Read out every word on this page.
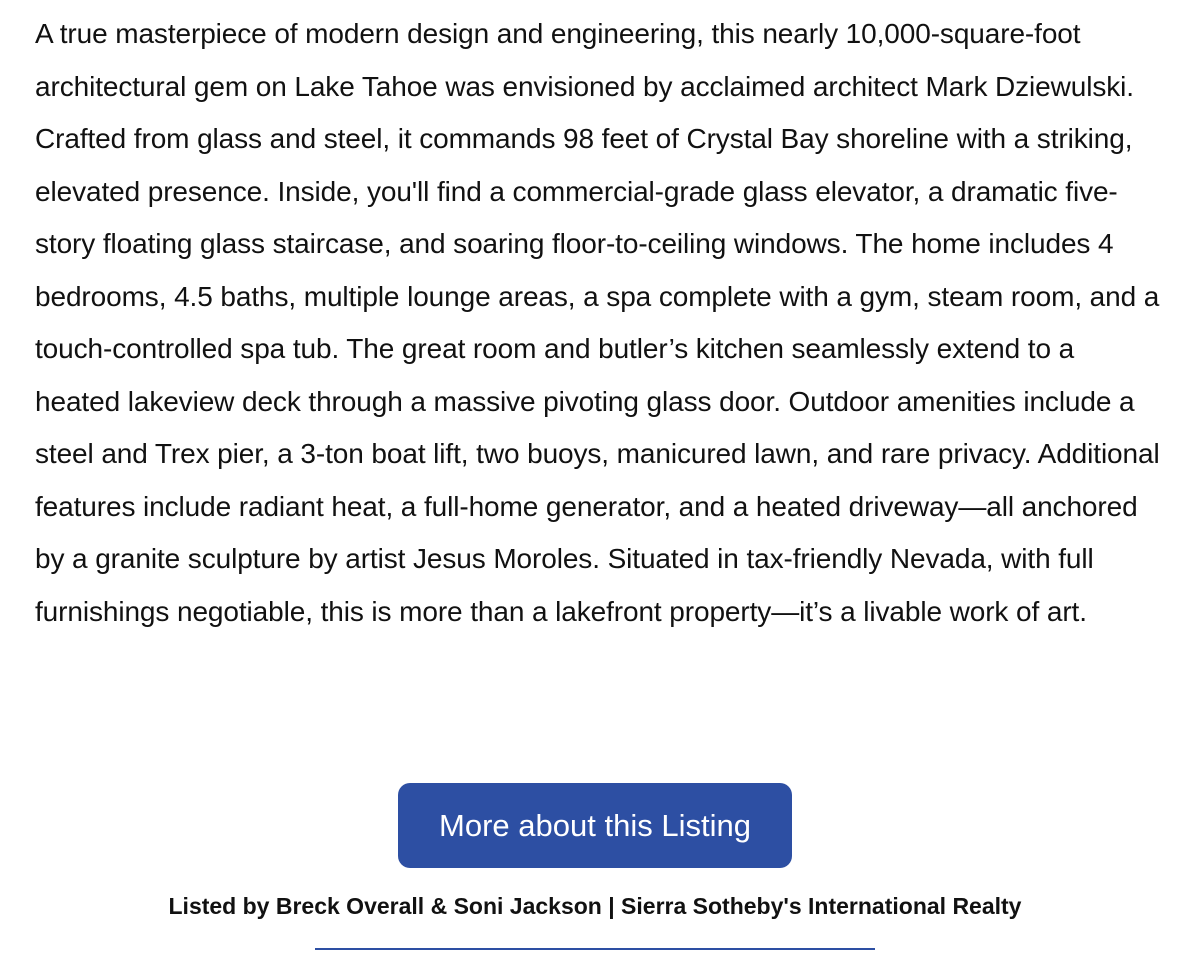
A true masterpiece of modern design and engineering, this nearly 10,000-square-foot architectural gem on Lake Tahoe was envisioned by acclaimed architect Mark Dziewulski. Crafted from glass and steel, it commands 98 feet of Crystal Bay shoreline with a striking, elevated presence. Inside, you'll find a commercial-grade glass elevator, a dramatic five-story floating glass staircase, and soaring floor-to-ceiling windows. The home includes 4 bedrooms, 4.5 baths, multiple lounge areas, a spa complete with a gym, steam room, and a touch-controlled spa tub. The great room and butler’s kitchen seamlessly extend to a heated lakeview deck through a massive pivoting glass door. Outdoor amenities include a steel and Trex pier, a 3-ton boat lift, two buoys, manicured lawn, and rare privacy. Additional features include radiant heat, a full-home generator, and a heated driveway—all anchored by a granite sculpture by artist Jesus Moroles. Situated in tax-friendly Nevada, with full furnishings negotiable, this is more than a lakefront property—it’s a livable work of art.

More about this Listing
Listed by Breck Overall & Soni Jackson | Sierra Sotheby's International Realty
